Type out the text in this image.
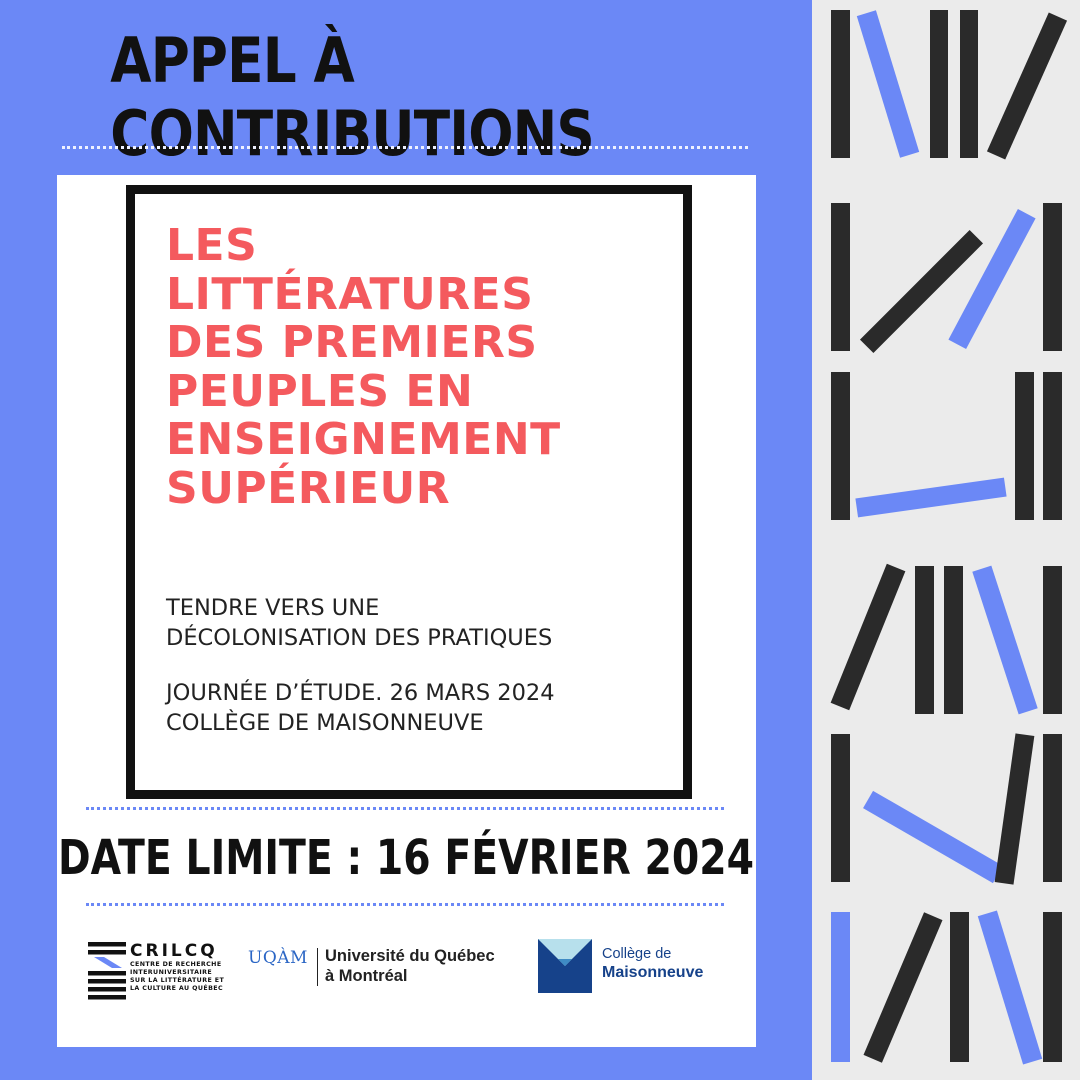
APPEL À CONTRIBUTIONS
LES
LITTÉRATURES
DES PREMIERS
PEUPLES EN
ENSEIGNEMENT
SUPÉRIEUR

TENDRE VERS UNE
DÉCOLONISATION DES PRATIQUES

JOURNÉE D’ÉTUDE. 26 MARS 2024
COLLÈGE DE MAISONNEUVE

DATE LIMITE : 16 FÉVRIER 2024
CRILCQ
CENTRE DE RECHERCHE
INTERUNIVERSITAIRE
SUR LA LITTÉRATURE ET
LA CULTURE AU QUÉBEC
UQÀM Université du Québec
à Montréal
Collège de
Maisonneuve
